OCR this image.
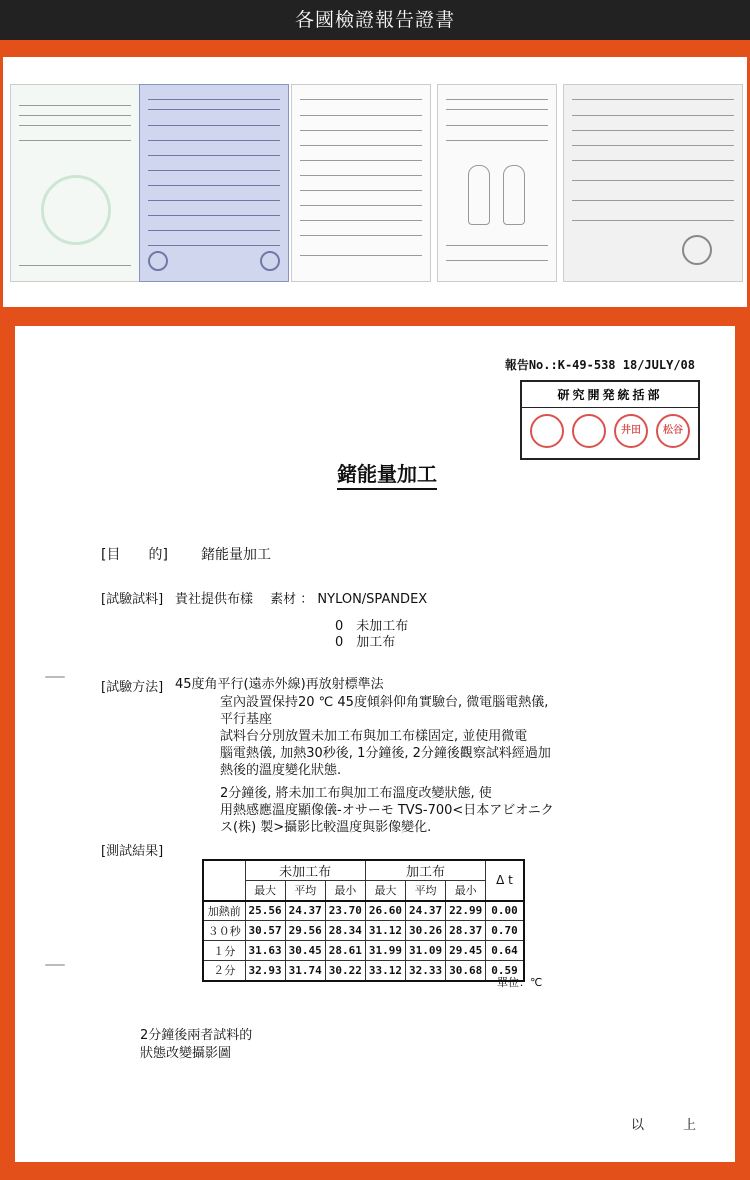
各國檢證報告證書
報告No.:K-49-538 18/JULY/08
研究開発統括部
井田	松谷
鍺能量加工
[目　　的] 鍺能量加工
[試驗試料] 貴社提供布樣　 素材 ： NYLON/SPANDEX
0　未加工布
0　加工布
[試驗方法] 45度角平行(遠赤外線)再放射標準法
室內設置保持20 ℃ 45度傾斜仰角實驗台, 微電腦電熱儀,
平行基座
試料台分別放置未加工布與加工布樣固定, 並使用微電
腦電熱儀, 加熱30秒後, 1分鐘後, 2分鐘後觀察試料經過加
熱後的溫度變化狀態.
2分鐘後, 將未加工布與加工布溫度改變狀態, 使
用熱感應溫度顯像儀-オサーモ TVS-700<日本アビオニク
ス(株) 製>攝影比較溫度與影像變化.
[測試結果]
	未加工布			加工布			Δ t
	最大	平均	最小	最大	平均	最小	
加熱前	25.56	24.37	23.70	26.60	24.37	22.99	0.00
３０秒	30.57	29.56	28.34	31.12	30.26	28.37	0.70
１分	31.63	30.45	28.61	31.99	31.09	29.45	0.64
２分	32.93	31.74	30.22	33.12	32.33	30.68	0.59
單位：℃
2分鐘後兩者試料的
狀態改變攝影圖
以	上
